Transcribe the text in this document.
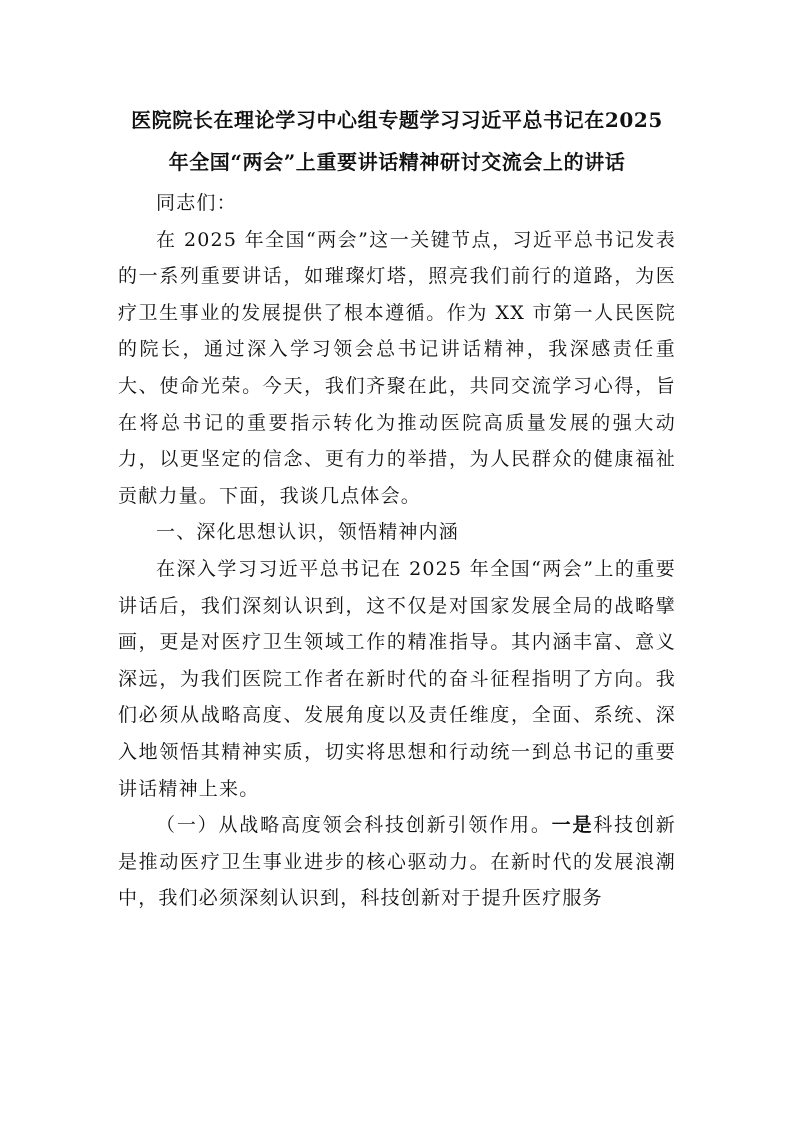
医院院长在理论学习中心组专题学习习近平总书记在2025
年全国“两会”上重要讲话精神研讨交流会上的讲话

同志们：

在 2025 年全国“两会”这一关键节点，习近平总书记发表的一系列重要讲话，如璀璨灯塔，照亮我们前行的道路，为医疗卫生事业的发展提供了根本遵循。作为 XX 市第一人民医院的院长，通过深入学习领会总书记讲话精神，我深感责任重大、使命光荣。今天，我们齐聚在此，共同交流学习心得，旨在将总书记的重要指示转化为推动医院高质量发展的强大动力，以更坚定的信念、更有力的举措，为人民群众的健康福祉贡献力量。下面，我谈几点体会。

一、深化思想认识，领悟精神内涵

在深入学习习近平总书记在 2025 年全国“两会”上的重要讲话后，我们深刻认识到，这不仅是对国家发展全局的战略擘画，更是对医疗卫生领域工作的精准指导。其内涵丰富、意义深远，为我们医院工作者在新时代的奋斗征程指明了方向。我们必须从战略高度、发展角度以及责任维度，全面、系统、深入地领悟其精神实质，切实将思想和行动统一到总书记的重要讲话精神上来。

（一）从战略高度领会科技创新引领作用。一是科技创新是推动医疗卫生事业进步的核心驱动力。在新时代的发展浪潮中，我们必须深刻认识到，科技创新对于提升医疗服务
